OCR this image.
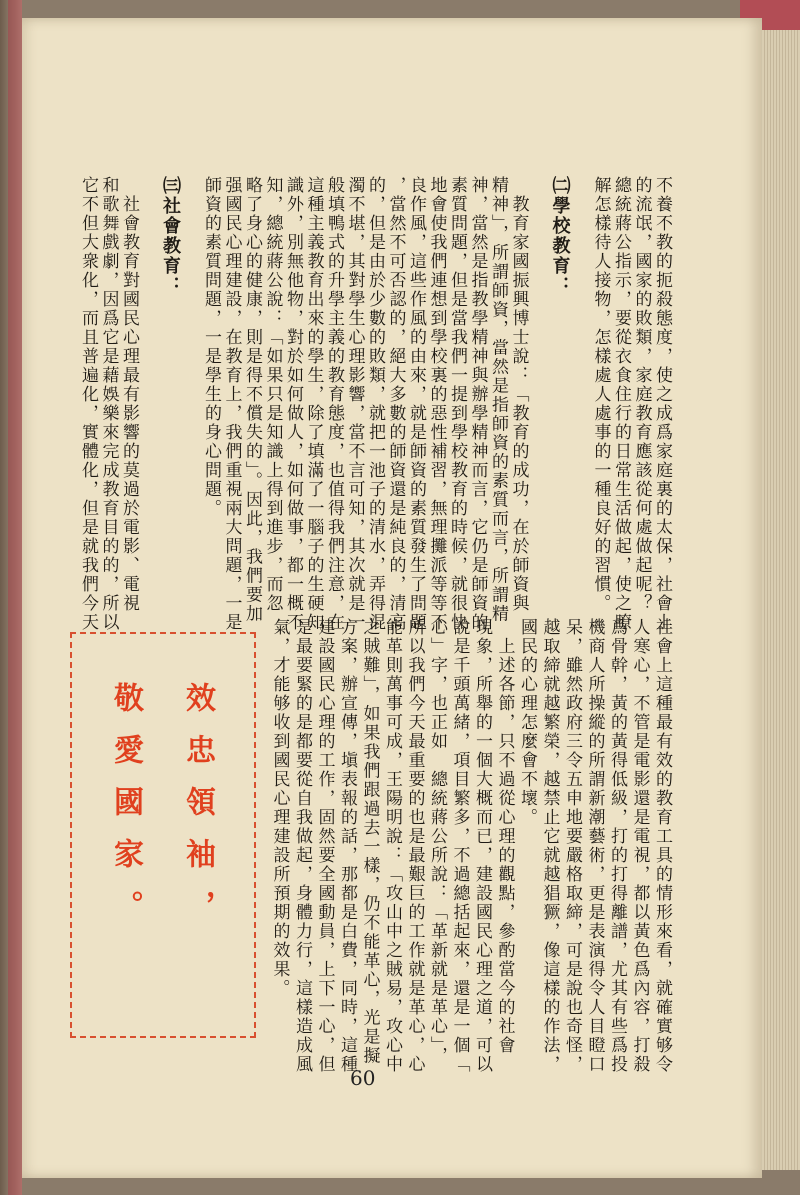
不養不教的扼殺態度，使之成爲家庭裏的太保，社會上
的流氓，國家的敗類，家庭教育應該從何處做起呢？
總統蔣公指示，要從衣食住行的日常生活做起，使之瞭
解怎樣待人接物，怎樣處人處事的一種良好的習慣。
㈡學校教育：
　教育家國振興博士說：「教育的成功，在於師資與
精神」，所謂師資，當然是指師資的素質而言，所謂精
神，當然是指教學精神與辦學精神而言，它仍是師資的
素質問題，但是當我們一提到學校教育的時候，就很快
地會使我們連想到學校裏的惡性補習，無理攤派等等不
良作風，這些作風的由來，就是師資的素質發生了問題
，當然不可否認的，絕大多數的師資還是純良的，清高
的，但是由於少數的敗類，就把一池子的清水，弄得混
濁不堪，其對學生心理影響，當不言可知，其次就是一
般填鴨式的升學主義的教育態度，也值得我們注意，在
這種主義教育出來的學生，除了填滿了一腦子的生硬知
識外，別無他物，對於如何做人，如何做事，都一概不
知，總統蔣公說：「如果只是知識上得到進步，而忽
略了身心的健康，則是得不償失的」。因此，我們要加
强國民心理建設，在教育上，我們重視兩大問題，一是
師資的素質問題，一是學生的身心問題。
㈢社會教育：
　社會教育對國民心理最有影響的莫過於電影、電視
和歌舞戲劇，因爲它是藉娛樂來完成教育目的的，所以
它不但大衆化，而且普遍化，實體化，但是就我們今天
社會上這種最有效的教育工具的情形來看，就確實够令
人寒心，不管是電影還是電視，都以黃色爲內容，打殺
爲骨幹，黃的黃得低級，打的打得離譜，尤其有些爲投
機商人所操縱的所謂新潮藝術，更是表演得令人目瞪口
呆，雖然政府三令五申地要嚴格取締，可是說也奇怪，
越取締就越繁榮，越禁止它就越猖獗，像這樣的作法，
國民的心理怎麼會不壞。
　上述各節，只不過從心理的觀點，參酌當今的社會
現象，所舉的一個大概而已，建設國民心理之道，可以
說是千頭萬緒，項目繁多，不過總括起來，還是一個「
心」字，也正如　總統蔣公所說：「革新就是革心」，
所以我們今天最重要的也是最艱巨的工作就是革心，心
能革則萬事可成，王陽明說：「攻山中之賊易，攻心中
之賊難」，如果我們跟過去一樣，仍不能革心，光是擬
方案，辦宣傳，塡表報的話，那都是白費，同時，這種
建設國民心理的工作，固然要全國動員，上下一心，但
是最要緊的是都要從自我做起，身體力行，這樣造成風
氣，才能够收到國民心理建設所預期的效果。
效忠領袖，
敬愛國家。
60
